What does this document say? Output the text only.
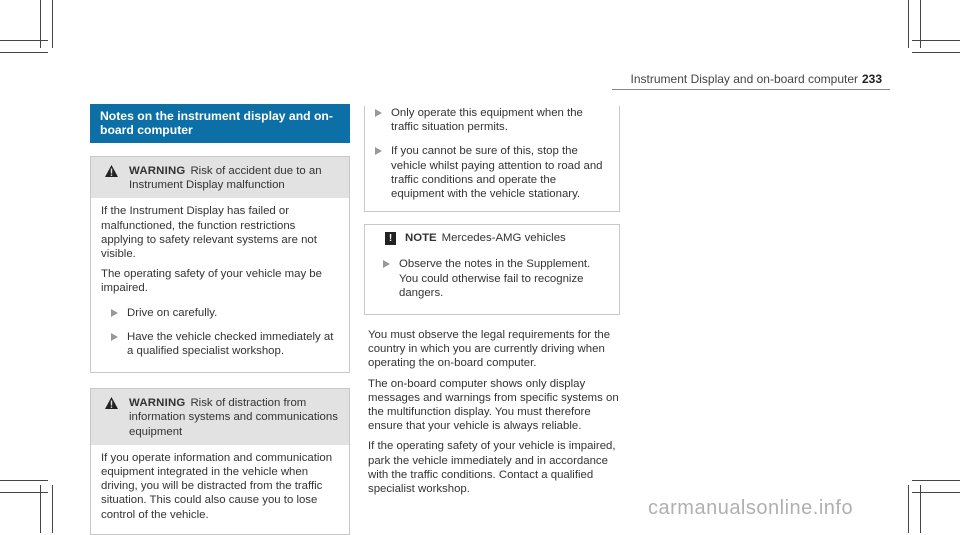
Instrument Display and on-board computer 233
Notes on the instrument display and on-board computer
WARNING Risk of accident due to an Instrument Display malfunction

If the Instrument Display has failed or malfunctioned, the function restrictions applying to safety relevant systems are not visible.

The operating safety of your vehicle may be impaired.

Drive on carefully.
Have the vehicle checked immediately at a qualified specialist workshop.
WARNING Risk of distraction from information systems and communications equipment

If you operate information and communication equipment integrated in the vehicle when driving, you will be distracted from the traffic situation. This could also cause you to lose control of the vehicle.

Only operate this equipment when the traffic situation permits.
If you cannot be sure of this, stop the vehicle whilst paying attention to road and traffic conditions and operate the equipment with the vehicle stationary.
!	NOTE Mercedes-AMG vehicles
Observe the notes in the Supplement. You could otherwise fail to recognize dangers.

You must observe the legal requirements for the country in which you are currently driving when operating the on-board computer.

The on-board computer shows only display messages and warnings from specific systems on the multifunction display. You must therefore ensure that your vehicle is always reliable.

If the operating safety of your vehicle is impaired, park the vehicle immediately and in accordance with the traffic conditions. Contact a qualified specialist workshop.

carmanualsonline.info
